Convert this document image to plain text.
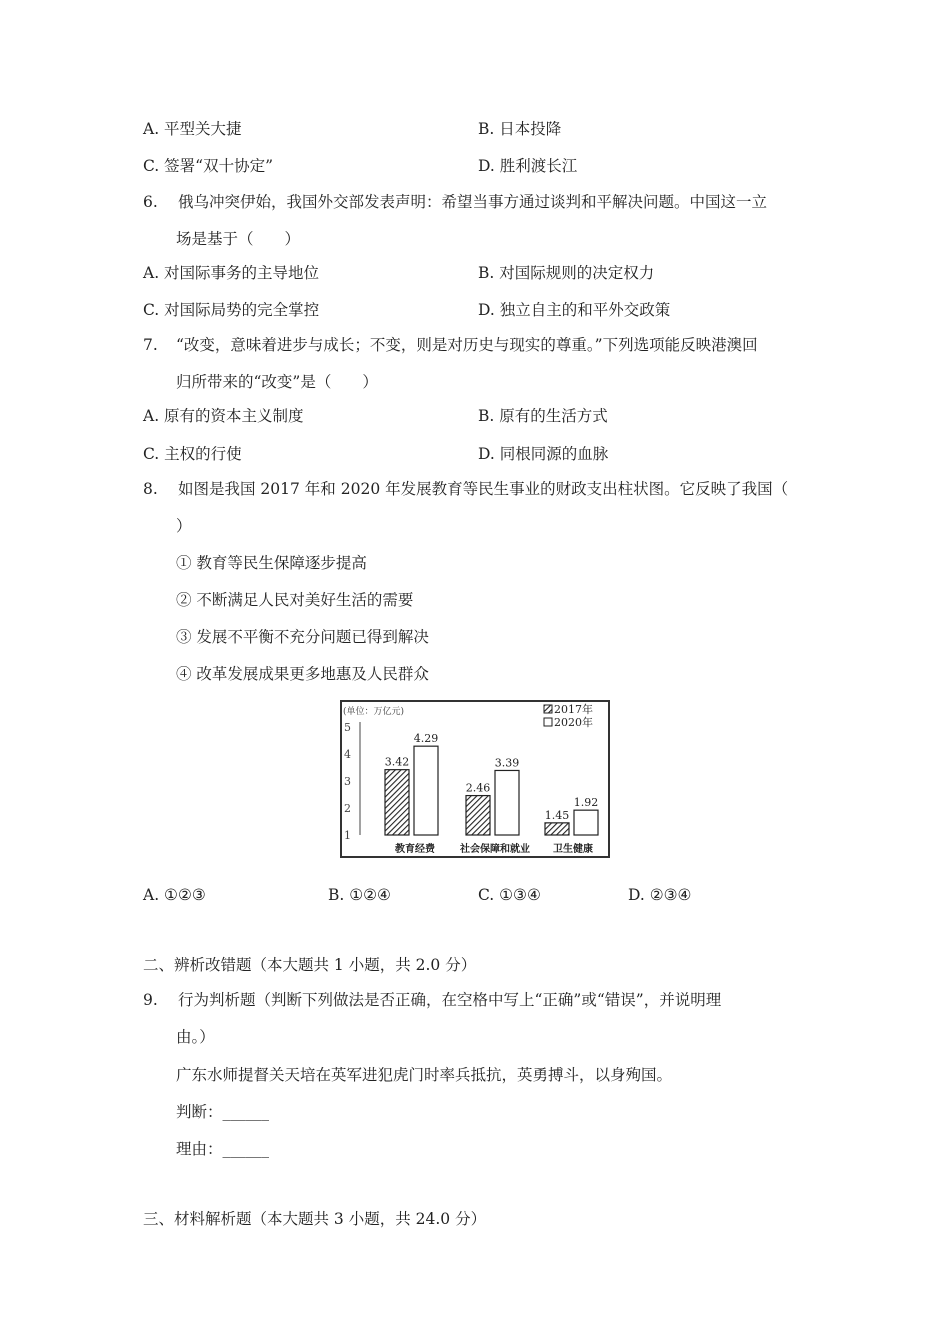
A. 平型关大捷	B. 日本投降
C. 签署“双十协定”	D. 胜利渡长江
6. 俄乌冲突伊始，我国外交部发表声明：希望当事方通过谈判和平解决问题。中国这一立
场是基于（　　）
A. 对国际事务的主导地位	B. 对国际规则的决定权力
C. 对国际局势的完全掌控	D. 独立自主的和平外交政策
7. “改变，意味着进步与成长；不变，则是对历史与现实的尊重。”下列选项能反映港澳回
归所带来的“改变”是（　　）
A. 原有的资本主义制度	B. 原有的生活方式
C. 主权的行使	D. 同根同源的血脉
8. 如图是我国 2017 年和 2020 年发展教育等民生事业的财政支出柱状图。它反映了我国（
）
① 教育等民生保障逐步提高
② 不断满足人民对美好生活的需要
③ 发展不平衡不充分问题已得到解决
④ 改革发展成果更多地惠及人民群众
(单位：万亿元)	2017年
2020年
1
2
3
4
5
教育经费	社会保障和就业 卫生健康
3.42
4.29
2.46
3.39
1.45
1.92
A. ①②③	B. ①②④	C. ①③④	D. ②③④
二、辨析改错题（本大题共 1 小题，共 2.0 分）
9. 行为判析题（判断下列做法是否正确，在空格中写上“正确”或“错误”，并说明理
由。）
广东水师提督关天培在英军进犯虎门时率兵抵抗，英勇搏斗，以身殉国。
判断：______
理由：______
三、材料解析题（本大题共 3 小题，共 24.0 分）
